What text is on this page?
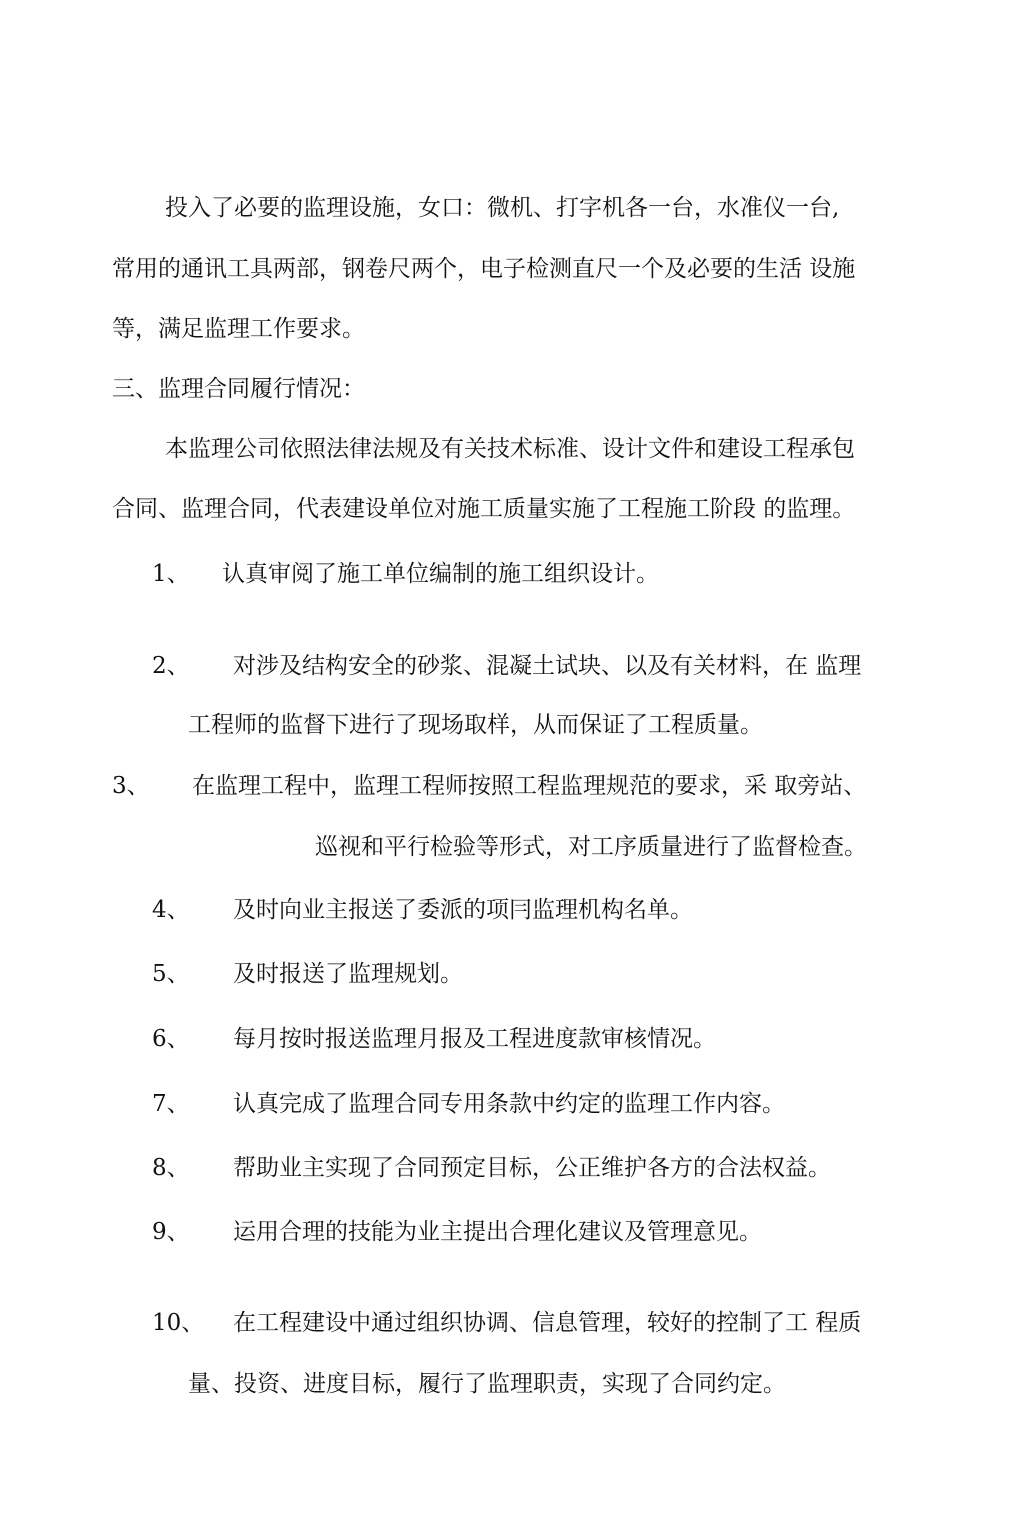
投入了必要的监理设施，女口：微机、打字机各一台，水准仪一台,
常用的通讯工具两部，钢卷尺两个，电子检测直尺一个及必要的生活 设施
等，满足监理工作要求。
三、监理合同履行情况：
本监理公司依照法律法规及有关技术标准、设计文件和建设工程承包
合同、监理合同，代表建设单位对施工质量实施了工程施工阶段 的监理。
1、 认真审阅了施工单位编制的施工组织设计。
2、 对涉及结构安全的砂浆、混凝土试块、以及有关材料，在 监理
工程师的监督下进行了现场取样，从而保证了工程质量。
3、 在监理工程中，监理工程师按照工程监理规范的要求，采 取旁站、
巡视和平行检验等形式，对工序质量进行了监督检查。
4、 及时向业主报送了委派的项冃监理机构名单。
5、 及时报送了监理规划。
6、 每月按时报送监理月报及工程进度款审核情况。
7、 认真完成了监理合同专用条款中约定的监理工作内容。
8、 帮助业主实现了合同预定目标，公正维护各方的合法权益。
9、 运用合理的技能为业主提出合理化建议及管理意见。
10、 在工程建设中通过组织协调、信息管理，较好的控制了工 程质
量、投资、进度目标，履行了监理职责，实现了合同约定。
